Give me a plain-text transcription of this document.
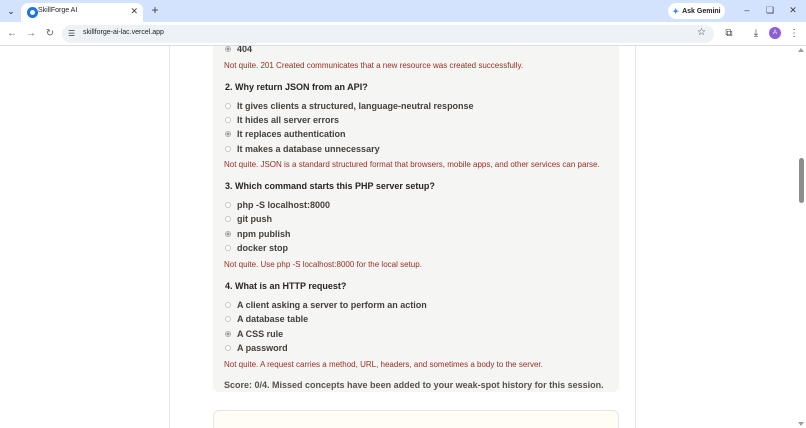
⌄	SkillForge AI	✕ +	✦ Ask Gemini	–	❏	✕
← → ↻	☰	skillforge-ai-lac.vercel.app	☆	⧉	⤓	A	⋮
404
Not quite. 201 Created communicates that a new resource was created successfully.
2. Why return JSON from an API?
It gives clients a structured, language-neutral response
It hides all server errors
It replaces authentication
It makes a database unnecessary
Not quite. JSON is a standard structured format that browsers, mobile apps, and other services can parse.
3. Which command starts this PHP server setup?
php -S localhost:8000
git push
npm publish
docker stop
Not quite. Use php -S localhost:8000 for the local setup.
4. What is an HTTP request?
A client asking a server to perform an action
A database table
A CSS rule
A password
Not quite. A request carries a method, URL, headers, and sometimes a body to the server.
Score: 0/4. Missed concepts have been added to your weak-spot history for this session.
